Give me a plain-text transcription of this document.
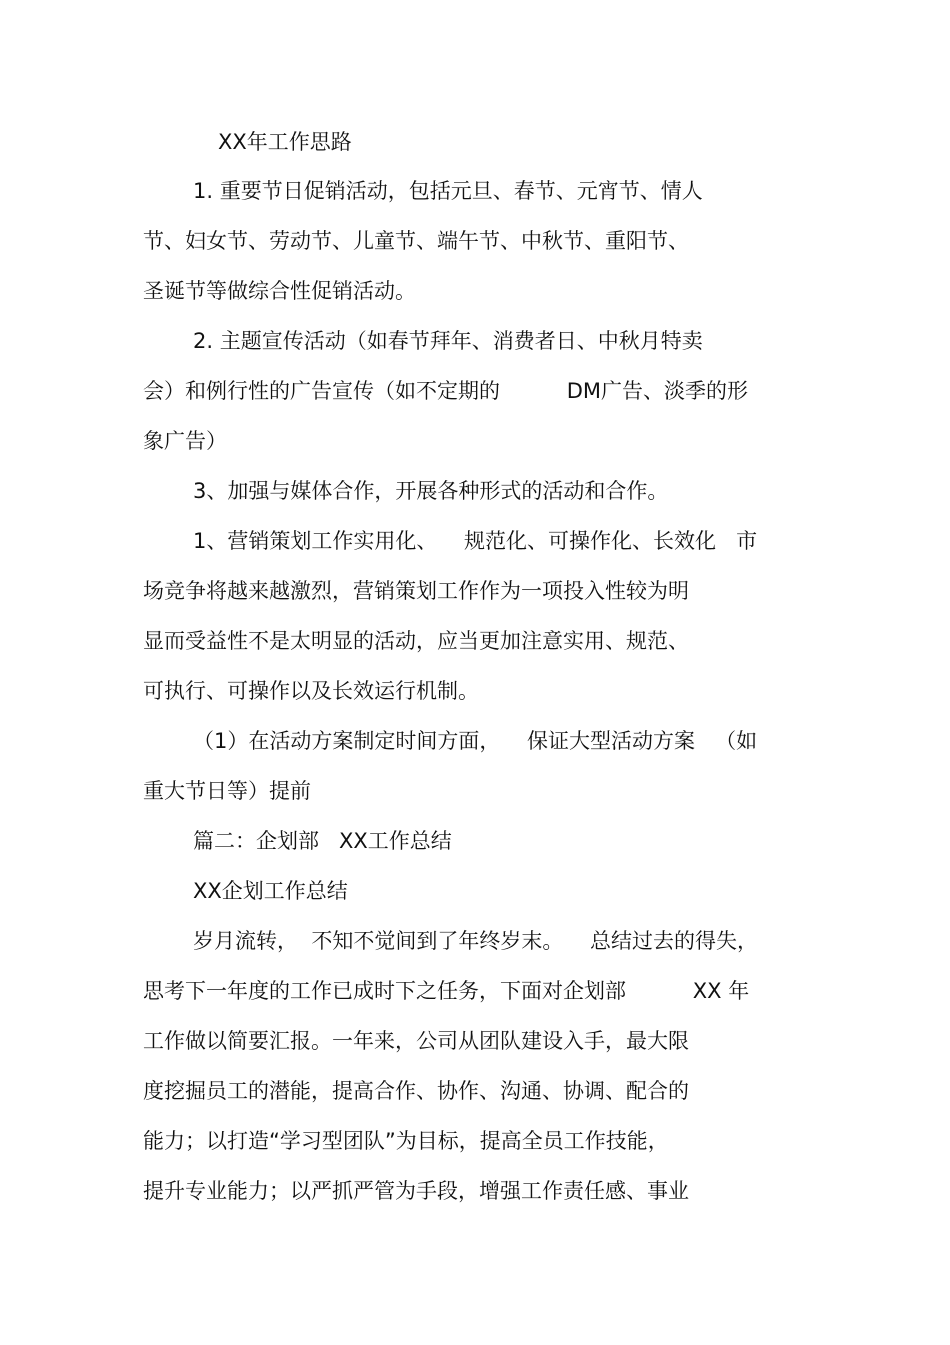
XX年工作思路

1. 重要节日促销活动，包括元旦、春节、元宵节、情人

节、妇女节、劳动节、儿童节、端午节、中秋节、重阳节、

圣诞节等做综合性促销活动。

2. 主题宣传活动（如春节拜年、消费者日、中秋月特卖

会）和例行性的广告宣传（如不定期的          DM广告、淡季的形

象广告）

3、加强与媒体合作，开展各种形式的活动和合作。

1、营销策划工作实用化、    规范化、可操作化、长效化   市

场竞争将越来越激烈，营销策划工作作为一项投入性较为明

显而受益性不是太明显的活动，应当更加注意实用、规范、

可执行、可操作以及长效运行机制。

（1）在活动方案制定时间方面，    保证大型活动方案   （如

重大节日等）提前

篇二：企划部   XX工作总结

XX企划工作总结

岁月流转，  不知不觉间到了年终岁末。    总结过去的得失，

思考下一年度的工作已成时下之任务，下面对企划部          XX 年

工作做以简要汇报。一年来，公司从团队建设入手，最大限

度挖掘员工的潜能，提高合作、协作、沟通、协调、配合的

能力；以打造“学习型团队”为目标，提高全员工作技能，

提升专业能力；以严抓严管为手段，增强工作责任感、事业
